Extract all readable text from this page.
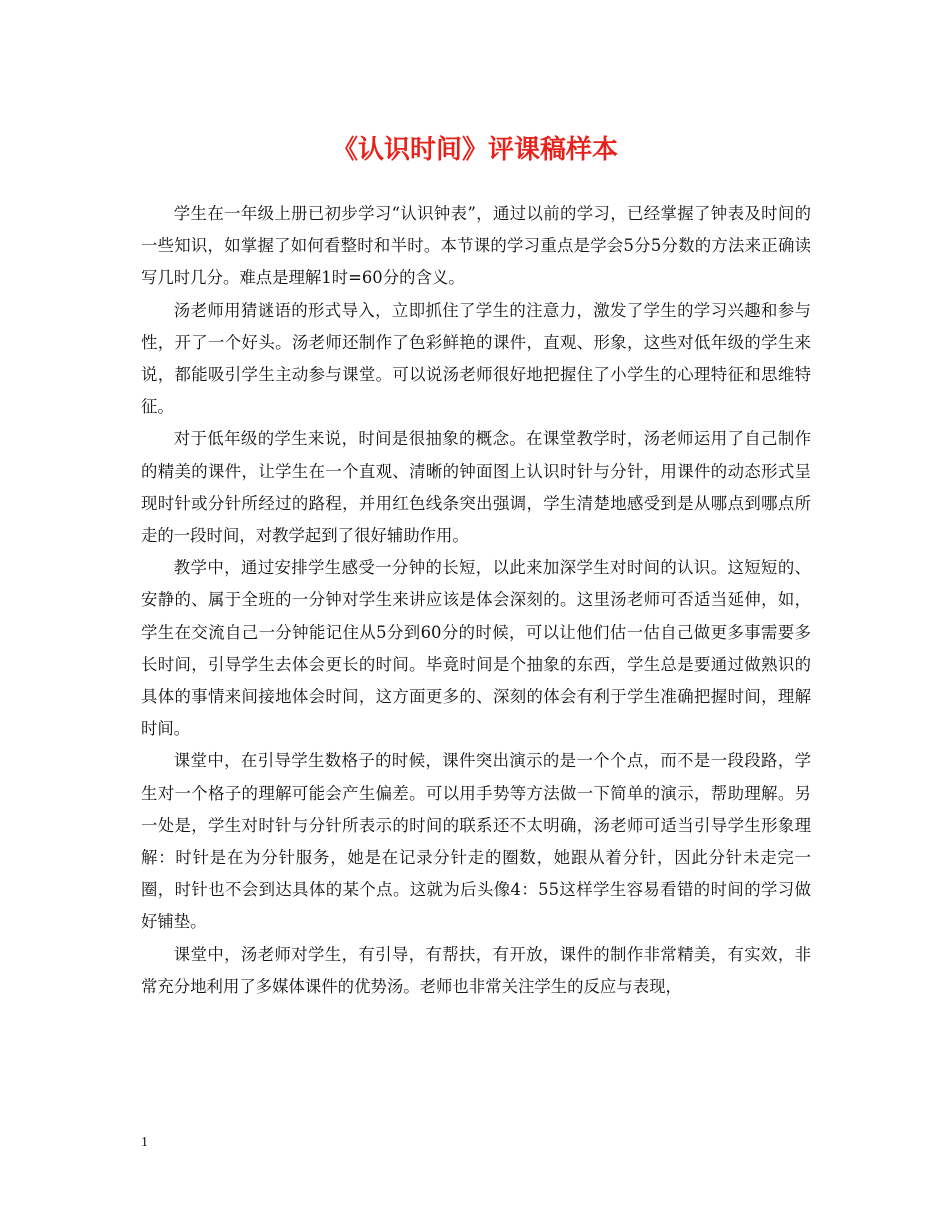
《认识时间》评课稿样本

学生在一年级上册已初步学习“认识钟表”，通过以前的学习，已经掌握了钟表及时间的一些知识，如掌握了如何看整时和半时。本节课的学习重点是学会5分5分数的方法来正确读写几时几分。难点是理解1时=60分的含义。

汤老师用猜谜语的形式导入，立即抓住了学生的注意力，激发了学生的学习兴趣和参与性，开了一个好头。汤老师还制作了色彩鲜艳的课件，直观、形象，这些对低年级的学生来说，都能吸引学生主动参与课堂。可以说汤老师很好地把握住了小学生的心理特征和思维特征。

对于低年级的学生来说，时间是很抽象的概念。在课堂教学时，汤老师运用了自己制作的精美的课件，让学生在一个直观、清晰的钟面图上认识时针与分针，用课件的动态形式呈现时针或分针所经过的路程，并用红色线条突出强调，学生清楚地感受到是从哪点到哪点所走的一段时间，对教学起到了很好辅助作用。

教学中，通过安排学生感受一分钟的长短，以此来加深学生对时间的认识。这短短的、安静的、属于全班的一分钟对学生来讲应该是体会深刻的。这里汤老师可否适当延伸，如，学生在交流自己一分钟能记住从5分到60分的时候，可以让他们估一估自己做更多事需要多长时间，引导学生去体会更长的时间。毕竟时间是个抽象的东西，学生总是要通过做熟识的具体的事情来间接地体会时间，这方面更多的、深刻的体会有利于学生准确把握时间，理解时间。

课堂中，在引导学生数格子的时候，课件突出演示的是一个个点，而不是一段段路，学生对一个格子的理解可能会产生偏差。可以用手势等方法做一下简单的演示，帮助理解。另一处是，学生对时针与分针所表示的时间的联系还不太明确，汤老师可适当引导学生形象理解：时针是在为分针服务，她是在记录分针走的圈数，她跟从着分针，因此分针未走完一圈，时针也不会到达具体的某个点。这就为后头像4：55这样学生容易看错的时间的学习做好铺垫。

课堂中，汤老师对学生，有引导，有帮扶，有开放，课件的制作非常精美，有实效，非常充分地利用了多媒体课件的优势汤。老师也非常关注学生的反应与表现，

1
